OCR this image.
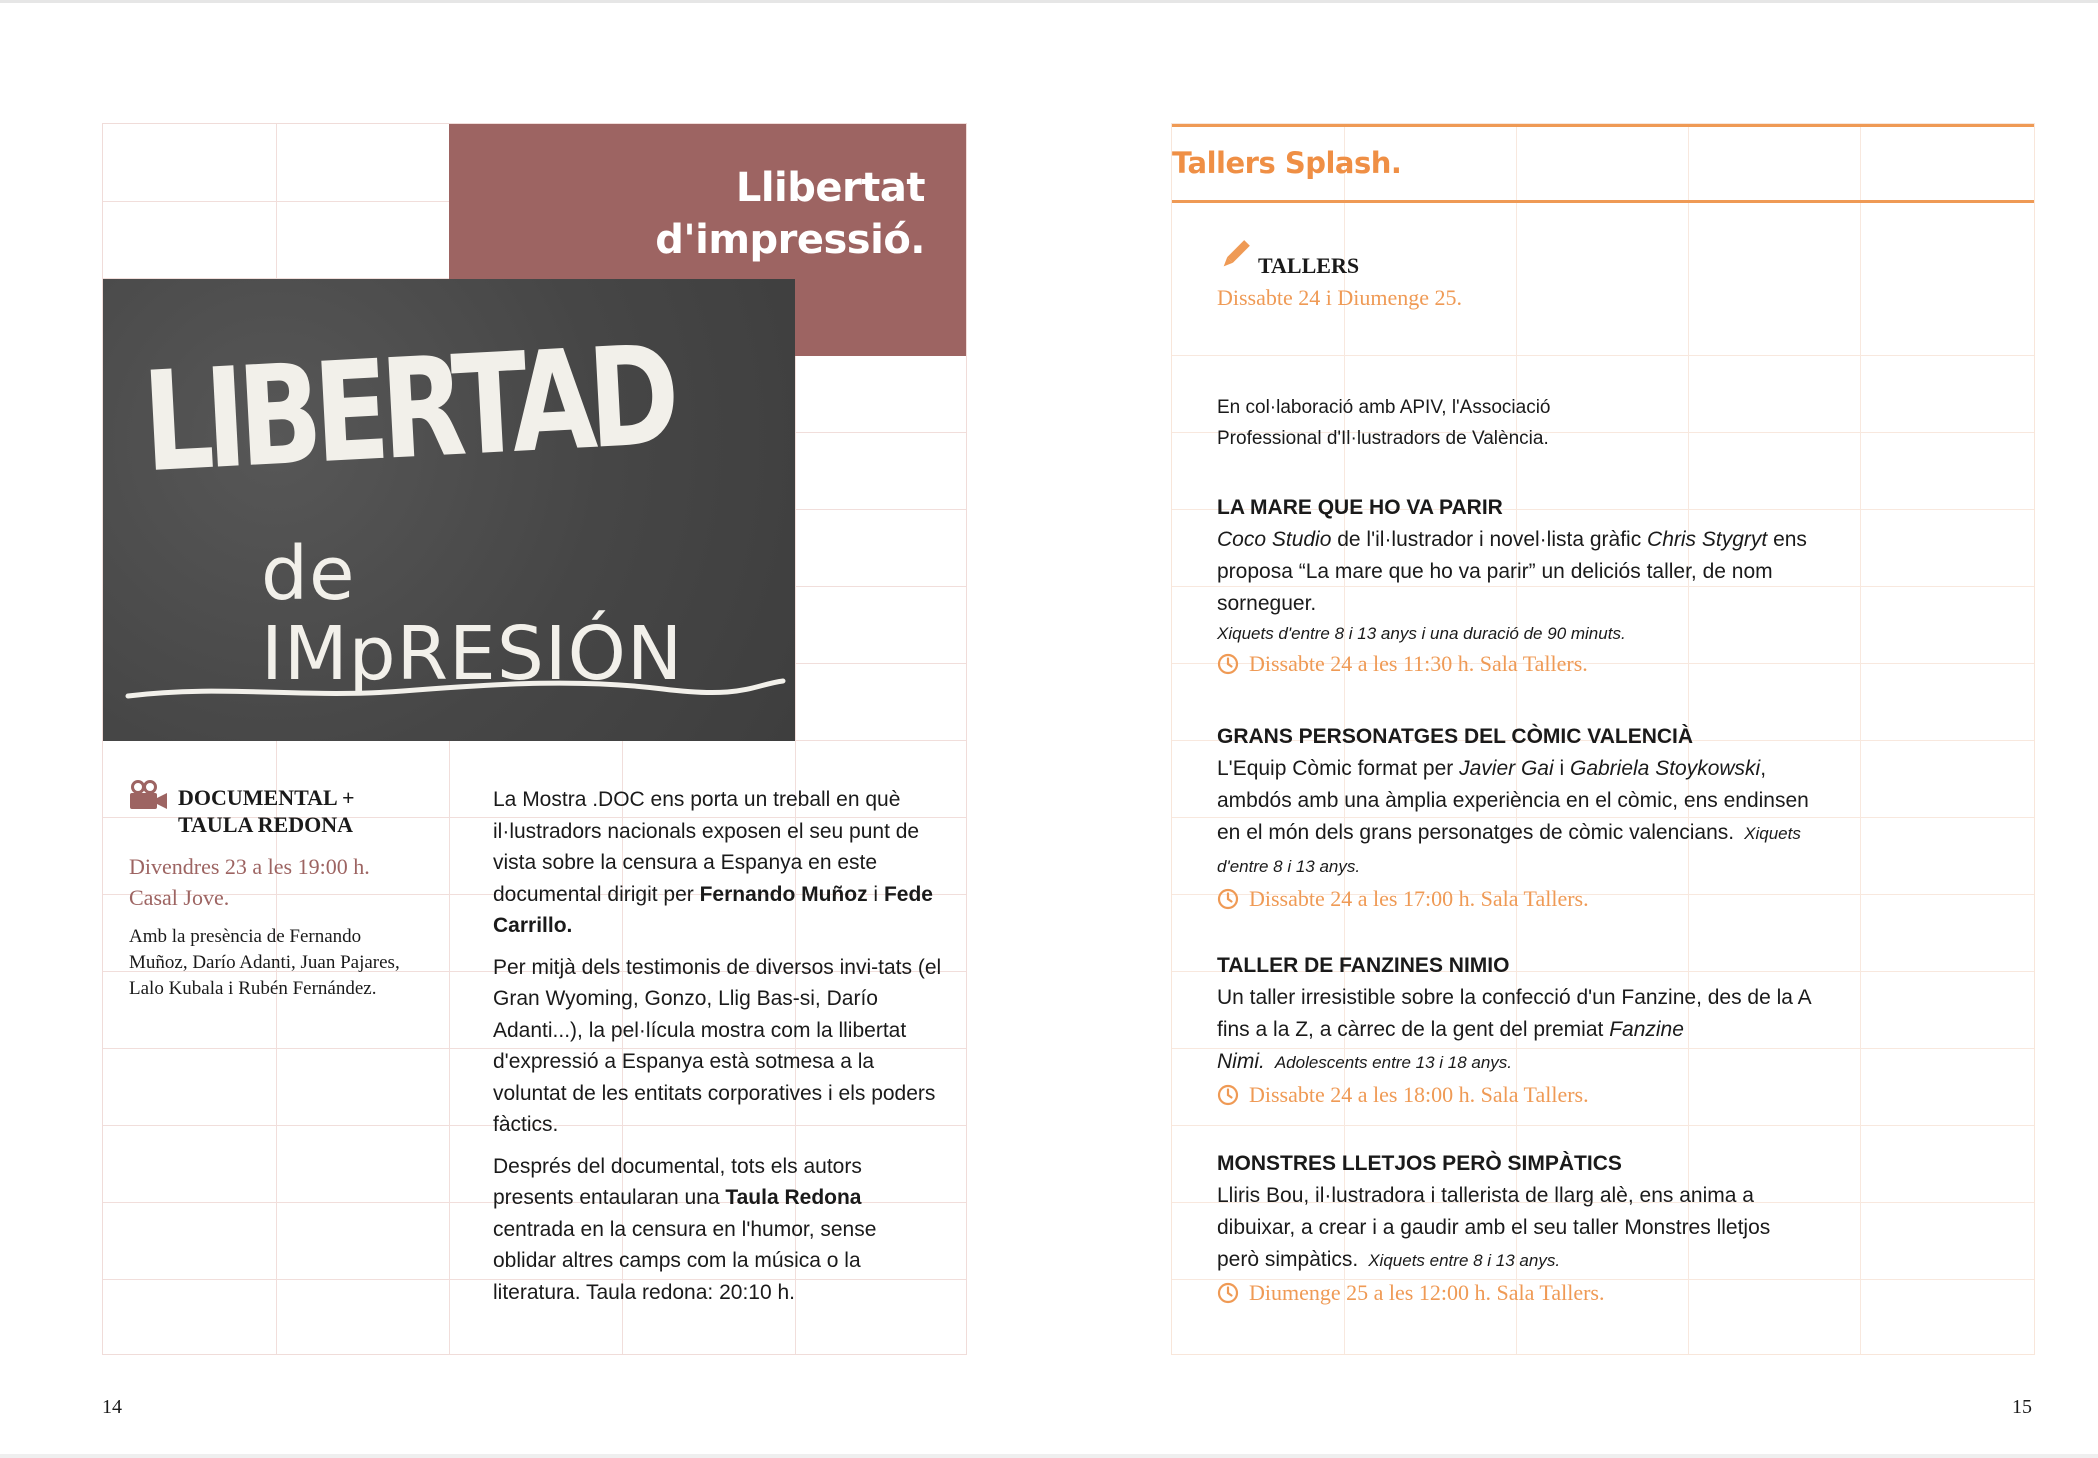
Llibertat
d'impressió.
LIBERTAD
de IMpRESIÓN

DOCUMENTAL + TAULA REDONA

Divendres 23 a les 19:00 h.
Casal Jove.

Amb la presència de Fernando Muñoz, Darío Adanti, Juan Pajares, Lalo Kubala i Rubén Fernández.

La Mostra .DOC ens porta un treball en què il·lustradors nacionals exposen el seu punt de vista sobre la censura a Espanya en este documental dirigit per Fernando Muñoz i Fede Carrillo.

Per mitjà dels testimonis de diversos invi-tats (el Gran Wyoming, Gonzo, Llig Bas-si, Darío Adanti...), la pel·lícula mostra com la llibertat d'expressió a Espanya està sotmesa a la voluntat de les entitats corporatives i els poders fàctics.

Després del documental, tots els autors presents entaularan una Taula Redona centrada en la censura en l'humor, sense oblidar altres camps com la música o la literatura. Taula redona: 20:10 h.

Tallers Splash.
TALLERS
Dissabte 24 i Diumenge 25.

En col·laboració amb APIV, l'Associació Professional d'Il·lustradors de València.

LA MARE QUE HO VA PARIR

Coco Studio de l'il·lustrador i novel·lista gràfic Chris Stygryt ens proposa “La mare que ho va parir” un deliciós taller, de nom sorneguer.

Xiquets d'entre 8 i 13 anys i una duració de 90 minuts.
Dissabte 24 a les 11:30 h. Sala Tallers.
GRANS PERSONATGES DEL CÒMIC VALENCIÀ

L'Equip Còmic format per Javier Gai i Gabriela Stoykowski, ambdós amb una àmplia experiència en el còmic, ens endinsen en el món dels grans personatges de còmic valencians. Xiquets d'entre 8 i 13 anys.

Dissabte 24 a les 17:00 h. Sala Tallers.
TALLER DE FANZINES NIMIO

Un taller irresistible sobre la confecció d'un Fanzine, des de la A fins a la Z, a càrrec de la gent del premiat Fanzine Nimi. Adolescents entre 13 i 18 anys.

Dissabte 24 a les 18:00 h. Sala Tallers.
MONSTRES LLETJOS PERÒ SIMPÀTICS

Lliris Bou, il·lustradora i tallerista de llarg alè, ens anima a dibuixar, a crear i a gaudir amb el seu taller Monstres lletjos però simpàtics. Xiquets entre 8 i 13 anys.

Diumenge 25 a les 12:00 h. Sala Tallers.
14	15
